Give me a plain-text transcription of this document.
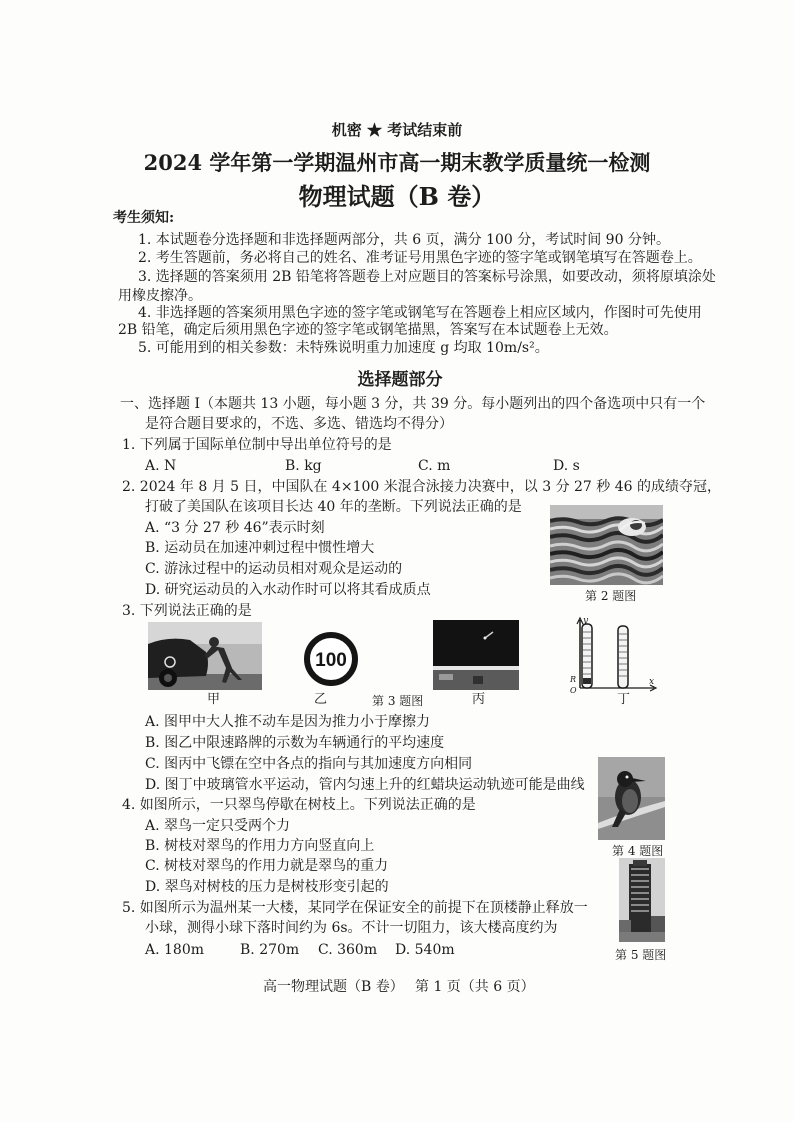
机密 ★ 考试结束前
2024 学年第一学期温州市高一期末教学质量统一检测
物理试题（B 卷）
考生须知:
1. 本试题卷分选择题和非选择题两部分，共 6 页，满分 100 分，考试时间 90 分钟。
2. 考生答题前，务必将自己的姓名、准考证号用黑色字迹的签字笔或钢笔填写在答题卷上。
3. 选择题的答案须用 2B 铅笔将答题卷上对应题目的答案标号涂黑，如要改动，须将原填涂处
用橡皮擦净。
4. 非选择题的答案须用黑色字迹的签字笔或钢笔写在答题卷上相应区域内，作图时可先使用
2B 铅笔，确定后须用黑色字迹的签字笔或钢笔描黑，答案写在本试题卷上无效。
5. 可能用到的相关参数：未特殊说明重力加速度 g 均取 10m/s²。
选择题部分
一、选择题 I（本题共 13 小题，每小题 3 分，共 39 分。每小题列出的四个备选项中只有一个
是符合题目要求的，不选、多选、错选均不得分）
1. 下列属于国际单位制中导出单位符号的是
A. N	B. kg	C. m	D. s
2. 2024 年 8 月 5 日，中国队在 4×100 米混合泳接力决赛中，以 3 分 27 秒 46 的成绩夺冠，
打破了美国队在该项目长达 40 年的垄断。下列说法正确的是
A. “3 分 27 秒 46”表示时刻
B. 运动员在加速冲刺过程中惯性增大
C. 游泳过程中的运动员相对观众是运动的
D. 研究运动员的入水动作时可以将其看成质点	第 2 题图
3. 下列说法正确的是
100
y
R
O
x
甲	乙	第 3 题图	丙	丁
A. 图甲中大人推不动车是因为推力小于摩擦力
B. 图乙中限速路牌的示数为车辆通行的平均速度
C. 图丙中飞镖在空中各点的指向与其加速度方向相同
D. 图丁中玻璃管水平运动，管内匀速上升的红蜡块运动轨迹可能是曲线
第 4 题图
4. 如图所示，一只翠鸟停歇在树枝上。下列说法正确的是
A. 翠鸟一定只受两个力
B. 树枝对翠鸟的作用力方向竖直向上
C. 树枝对翠鸟的作用力就是翠鸟的重力
D. 翠鸟对树枝的压力是树枝形变引起的
第 5 题图
5. 如图所示为温州某一大楼，某同学在保证安全的前提下在顶楼静止释放一
小球，测得小球下落时间约为 6s。不计一切阻力，该大楼高度约为
A. 180m	B. 270m C. 360m D. 540m
高一物理试题（B 卷） 第 1 页（共 6 页）
